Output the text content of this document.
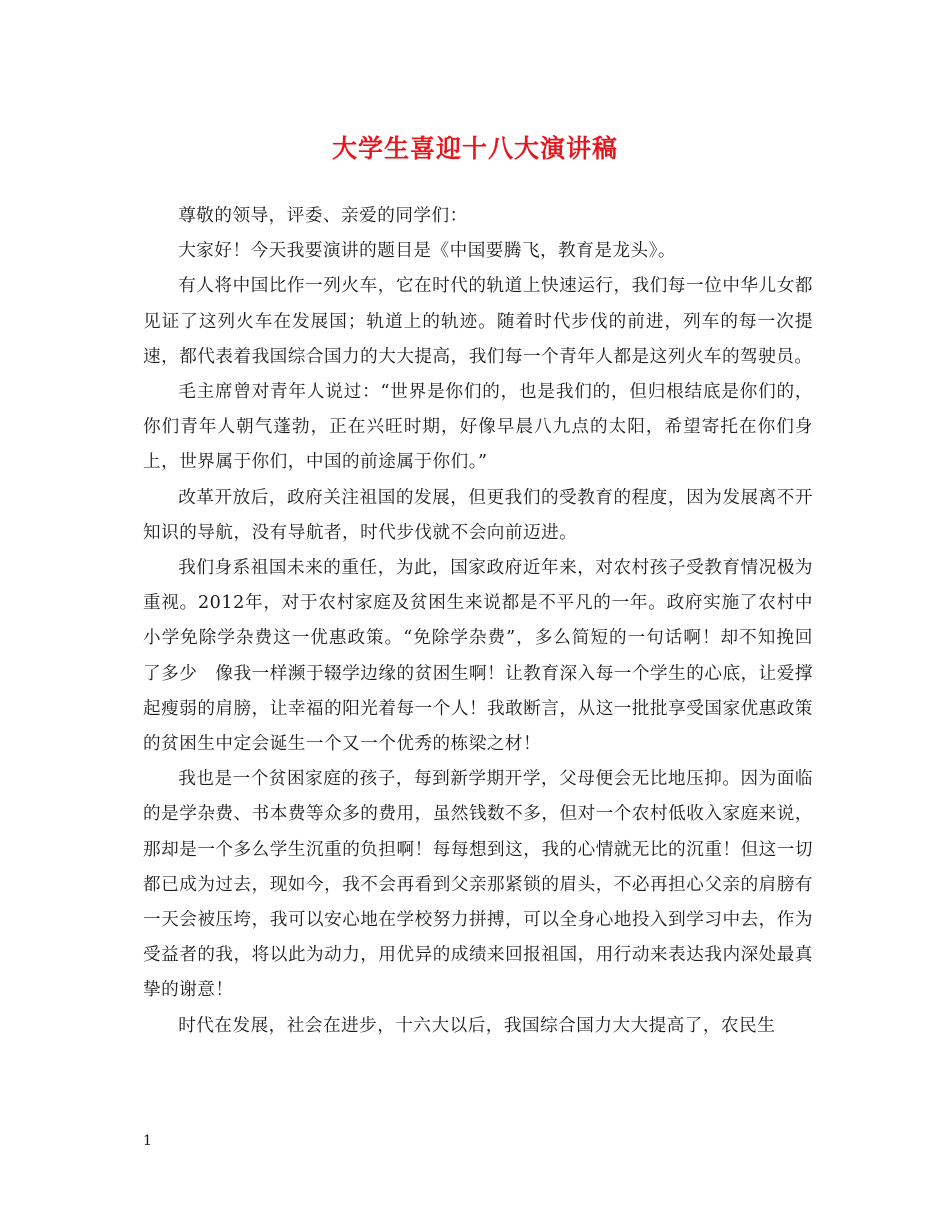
大学生喜迎十八大演讲稿

尊敬的领导，评委、亲爱的同学们：

大家好！今天我要演讲的题目是《中国要腾飞，教育是龙头》。

有人将中国比作一列火车，它在时代的轨道上快速运行，我们每一位中华儿女都见证了这列火车在发展国；轨道上的轨迹。随着时代步伐的前进，列车的每一次提速，都代表着我国综合国力的大大提高，我们每一个青年人都是这列火车的驾驶员。

毛主席曾对青年人说过：“世界是你们的，也是我们的，但归根结底是你们的，你们青年人朝气蓬勃，正在兴旺时期，好像早晨八九点的太阳，希望寄托在你们身上，世界属于你们，中国的前途属于你们。”

改革开放后，政府关注祖国的发展，但更我们的受教育的程度，因为发展离不开知识的导航，没有导航者，时代步伐就不会向前迈进。

我们身系祖国未来的重任，为此，国家政府近年来，对农村孩子受教育情况极为重视。2012年，对于农村家庭及贫困生来说都是不平凡的一年。政府实施了农村中小学免除学杂费这一优惠政策。“免除学杂费”，多么简短的一句话啊！却不知挽回了多少　像我一样濒于辍学边缘的贫困生啊！让教育深入每一个学生的心底，让爱撑起瘦弱的肩膀，让幸福的阳光着每一个人！我敢断言，从这一批批享受国家优惠政策的贫困生中定会诞生一个又一个优秀的栋梁之材！

我也是一个贫困家庭的孩子，每到新学期开学，父母便会无比地压抑。因为面临的是学杂费、书本费等众多的费用，虽然钱数不多，但对一个农村低收入家庭来说，那却是一个多么学生沉重的负担啊！每每想到这，我的心情就无比的沉重！但这一切都已成为过去，现如今，我不会再看到父亲那紧锁的眉头，不必再担心父亲的肩膀有一天会被压垮，我可以安心地在学校努力拼搏，可以全身心地投入到学习中去，作为受益者的我，将以此为动力，用优异的成绩来回报祖国，用行动来表达我内深处最真挚的谢意！

时代在发展，社会在进步，十六大以后，我国综合国力大大提高了，农民生

1
